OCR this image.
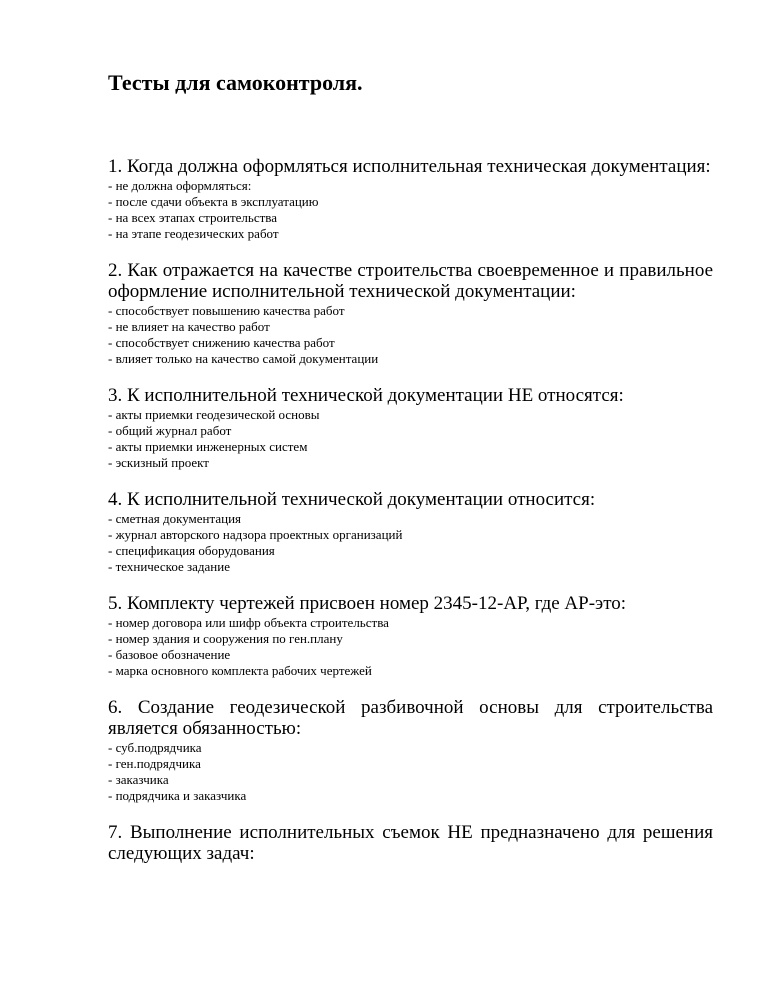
Тесты для самоконтроля.
1. Когда должна оформляться исполнительная техническая документация:
- не должна оформляться:
- после сдачи объекта в эксплуатацию
- на всех этапах строительства
- на этапе геодезических работ
2. Как отражается на качестве строительства своевременное и правильное оформление исполнительной технической документации:
- способствует повышению качества работ
- не влияет на качество работ
- способствует снижению качества работ
- влияет только на качество самой документации
3. К исполнительной технической документации НЕ относятся:
- акты приемки геодезической основы
- общий журнал работ
- акты приемки инженерных систем
- эскизный проект
4. К исполнительной технической документации относится:
- сметная документация
- журнал авторского надзора проектных организаций
- спецификация оборудования
- техническое задание
5. Комплекту чертежей присвоен номер 2345-12-АР, где АР-это:
- номер договора или шифр объекта строительства
- номер здания и сооружения по ген.плану
- базовое обозначение
- марка основного комплекта рабочих чертежей
6. Создание геодезической разбивочной основы для строительства является обязанностью:
- суб.подрядчика
- ген.подрядчика
- заказчика
- подрядчика и заказчика
7. Выполнение исполнительных съемок НЕ предназначено для решения следующих задач:
